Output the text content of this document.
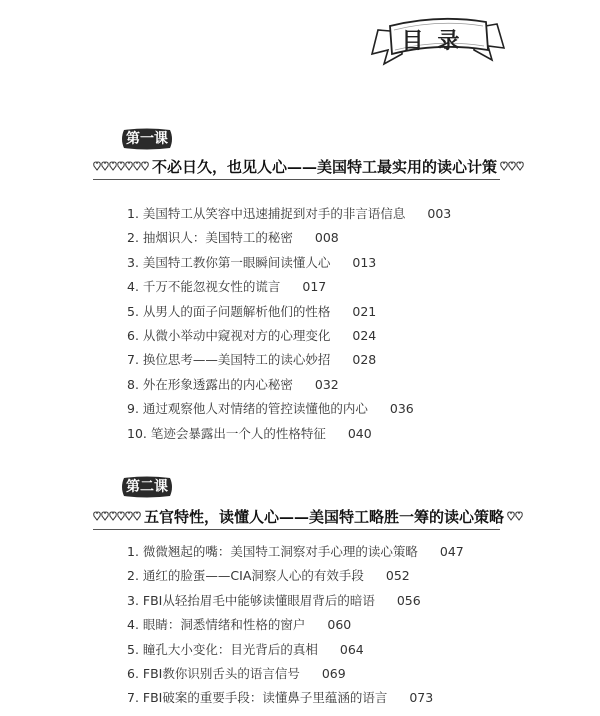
目录
第一课
不必日久，也见人心——美国特工最实用的读心计策
1. 美国特工从笑容中迅速捕捉到对手的非言语信息 003
2. 抽烟识人：美国特工的秘密 008
3. 美国特工教你第一眼瞬间读懂人心 013
4. 千万不能忽视女性的谎言 017
5. 从男人的面子问题解析他们的性格 021
6. 从微小举动中窥视对方的心理变化 024
7. 换位思考——美国特工的读心妙招 028
8. 外在形象透露出的内心秘密 032
9. 通过观察他人对情绪的管控读懂他的内心 036
10. 笔迹会暴露出一个人的性格特征 040
第二课
五官特性，读懂人心——美国特工略胜一筹的读心策略
1. 微微翘起的嘴：美国特工洞察对手心理的读心策略 047
2. 通红的脸蛋——CIA洞察人心的有效手段 052
3. FBI从轻抬眉毛中能够读懂眼眉背后的暗语 056
4. 眼睛：洞悉情绪和性格的窗户 060
5. 瞳孔大小变化：目光背后的真相 064
6. FBI教你识别舌头的语言信号 069
7. FBI破案的重要手段：读懂鼻子里蕴涵的语言 073
